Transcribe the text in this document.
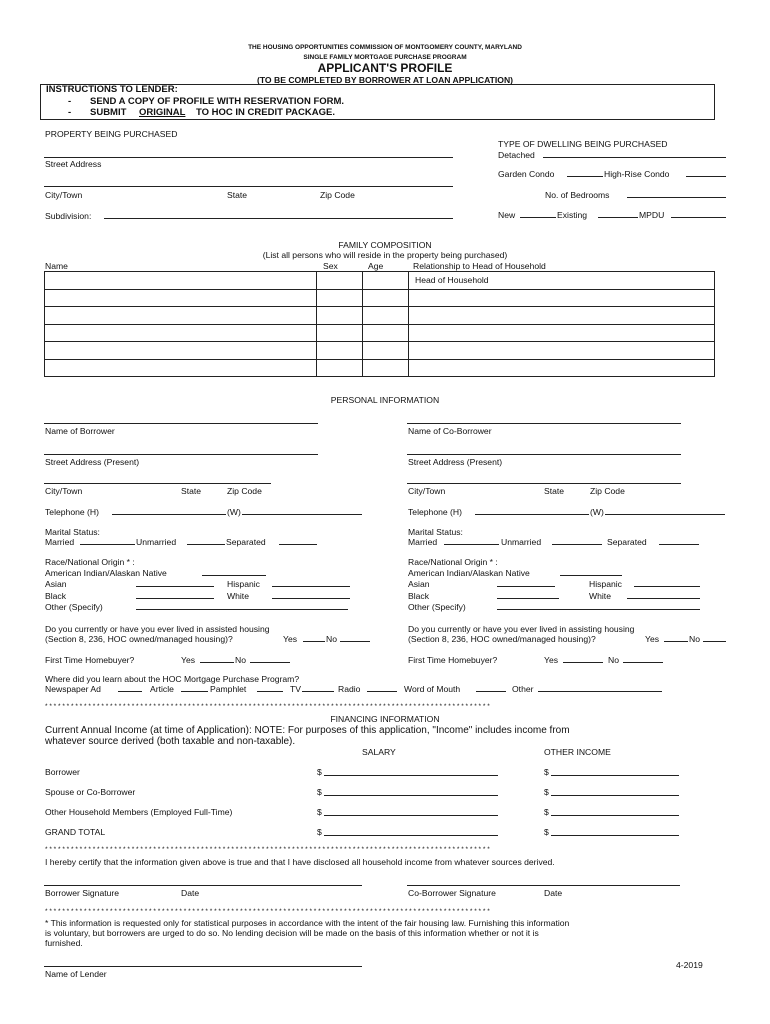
THE HOUSING OPPORTUNITIES COMMISSION OF MONTGOMERY COUNTY, MARYLAND
SINGLE FAMILY MORTGAGE PURCHASE PROGRAM
APPLICANT'S PROFILE
(TO BE COMPLETED BY BORROWER AT LOAN APPLICATION)
INSTRUCTIONS TO LENDER:
- SEND A COPY OF PROFILE WITH RESERVATION FORM.
- SUBMIT ORIGINAL TO HOC IN CREDIT PACKAGE.
PROPERTY BEING PURCHASED
Street Address
City/Town	State	Zip Code
Subdivision:
TYPE OF DWELLING BEING PURCHASED
Detached
Garden Condo	High-Rise Condo
No. of Bedrooms
New	Existing	MPDU
FAMILY COMPOSITION
(List all persons who will reside in the property being purchased)
Name	Sex	Age	Relationship to Head of Household
			Head of Household

PERSONAL INFORMATION
Name of Borrower
Street Address (Present)
City/Town	State	Zip Code
Telephone (H)	(W)
Marital Status:
Married	Unmarried	Separated
Race/National Origin * :
American Indian/Alaskan Native
Asian	Hispanic
Black	White
Other (Specify)
Do you currently or have you ever lived in assisted housing
(Section 8, 236, HOC owned/managed housing)?	Yes	No
First Time Homebuyer?	Yes	No
Name of Co-Borrower
Street Address (Present)
City/Town	State	Zip Code
Telephone (H)	(W)
Marital Status:
Married	Unmarried	Separated
Race/National Origin * :
American Indian/Alaskan Native
Asian	Hispanic
Black	White
Other (Specify)
Do you currently or have you ever lived in assisting housing
(Section 8, 236, HOC owned/managed housing)?	Yes	No
First Time Homebuyer?	Yes	No
Where did you learn about the HOC Mortgage Purchase Program?
Newspaper Ad	Article	Pamphlet	TV	Radio	Word of Mouth	Other
* * * * * * * * * * * * * * * * * * * * * * * * * * * * * * * * * * * * * * * * * * * * * * * * * * * * * * * * * * * * * * * * * * * * * * * * * * * * * * * * * * * * * * * * * * * * * * * * * * * * * * *
FINANCING INFORMATION
Current Annual Income (at time of Application): NOTE: For purposes of this application, "Income" includes income from
whatever source derived (both taxable and non-taxable).
SALARY	OTHER INCOME
Borrower	$	$
Spouse or Co-Borrower	$	$
Other Household Members (Employed Full-Time)	$	$
GRAND TOTAL	$	$
* * * * * * * * * * * * * * * * * * * * * * * * * * * * * * * * * * * * * * * * * * * * * * * * * * * * * * * * * * * * * * * * * * * * * * * * * * * * * * * * * * * * * * * * * * * * * * * * * * * * * * *
I hereby certify that the information given above is true and that I have disclosed all household income from whatever sources derived.
Borrower Signature	Date	Co-Borrower Signature	Date
* * * * * * * * * * * * * * * * * * * * * * * * * * * * * * * * * * * * * * * * * * * * * * * * * * * * * * * * * * * * * * * * * * * * * * * * * * * * * * * * * * * * * * * * * * * * * * * * * * * * * * *
* This information is requested only for statistical purposes in accordance with the intent of the fair housing law. Furnishing this information
is voluntary, but borrowers are urged to do so. No lending decision will be made on the basis of this information whether or not it is
furnished.
4-2019
Name of Lender
